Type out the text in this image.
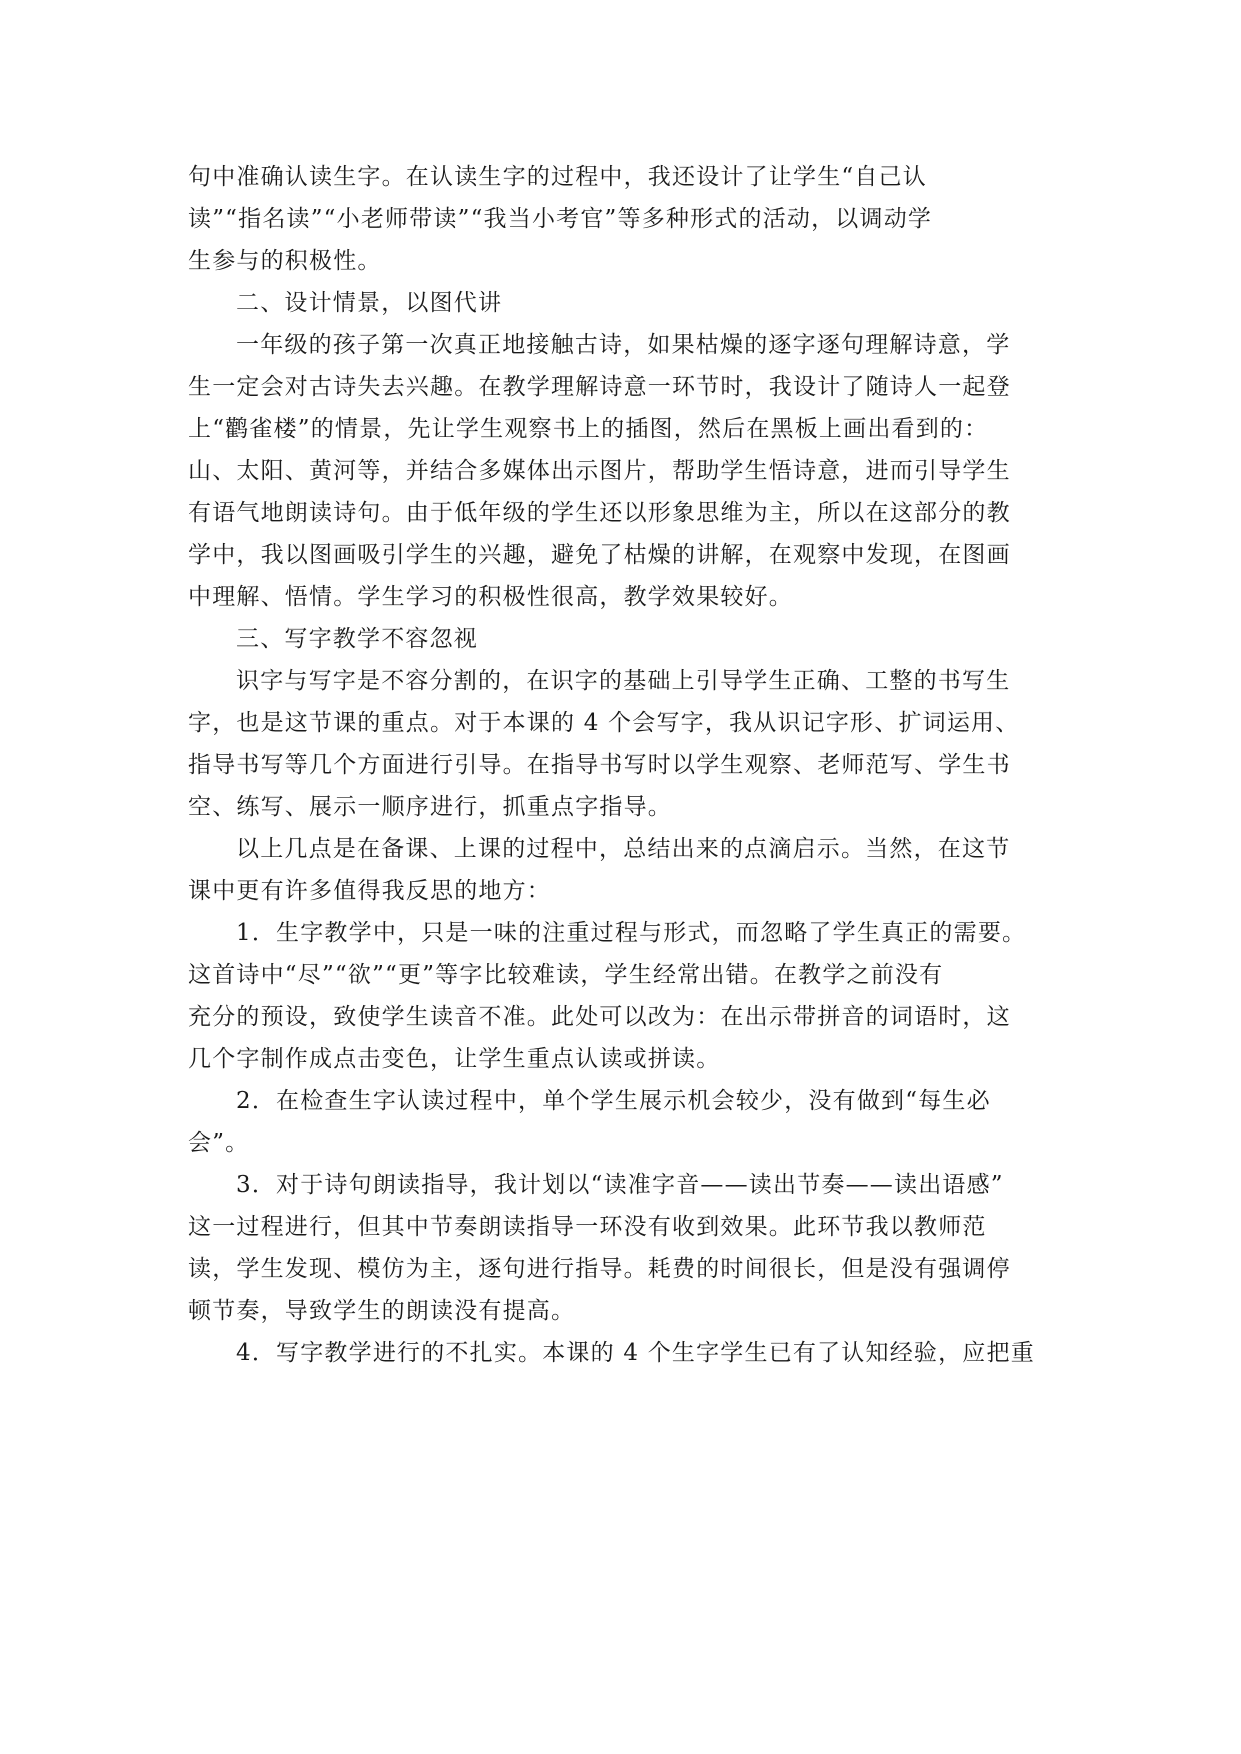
句中准确认读生字。在认读生字的过程中，我还设计了让学生“自己认
读”“指名读”“小老师带读”“我当小考官”等多种形式的活动，以调动学
生参与的积极性。
二、设计情景，以图代讲
一年级的孩子第一次真正地接触古诗，如果枯燥的逐字逐句理解诗意，学
生一定会对古诗失去兴趣。在教学理解诗意一环节时，我设计了随诗人一起登
上“鹳雀楼”的情景，先让学生观察书上的插图，然后在黑板上画出看到的：
山、太阳、黄河等，并结合多媒体出示图片，帮助学生悟诗意，进而引导学生
有语气地朗读诗句。由于低年级的学生还以形象思维为主，所以在这部分的教
学中，我以图画吸引学生的兴趣，避免了枯燥的讲解，在观察中发现，在图画
中理解、悟情。学生学习的积极性很高，教学效果较好。
三、写字教学不容忽视
识字与写字是不容分割的，在识字的基础上引导学生正确、工整的书写生
字，也是这节课的重点。对于本课的 4 个会写字，我从识记字形、扩词运用、
指导书写等几个方面进行引导。在指导书写时以学生观察、老师范写、学生书
空、练写、展示一顺序进行，抓重点字指导。
以上几点是在备课、上课的过程中，总结出来的点滴启示。当然，在这节
课中更有许多值得我反思的地方：
1．生字教学中，只是一味的注重过程与形式，而忽略了学生真正的需要。
这首诗中“尽”“欲”“更”等字比较难读，学生经常出错。在教学之前没有
充分的预设，致使学生读音不准。此处可以改为：在出示带拼音的词语时，这
几个字制作成点击变色，让学生重点认读或拼读。
2．在检查生字认读过程中，单个学生展示机会较少，没有做到“每生必
会”。
3．对于诗句朗读指导，我计划以“读准字音——读出节奏——读出语感”
这一过程进行，但其中节奏朗读指导一环没有收到效果。此环节我以教师范
读，学生发现、模仿为主，逐句进行指导。耗费的时间很长，但是没有强调停
顿节奏，导致学生的朗读没有提高。
4．写字教学进行的不扎实。本课的 4 个生字学生已有了认知经验，应把重
